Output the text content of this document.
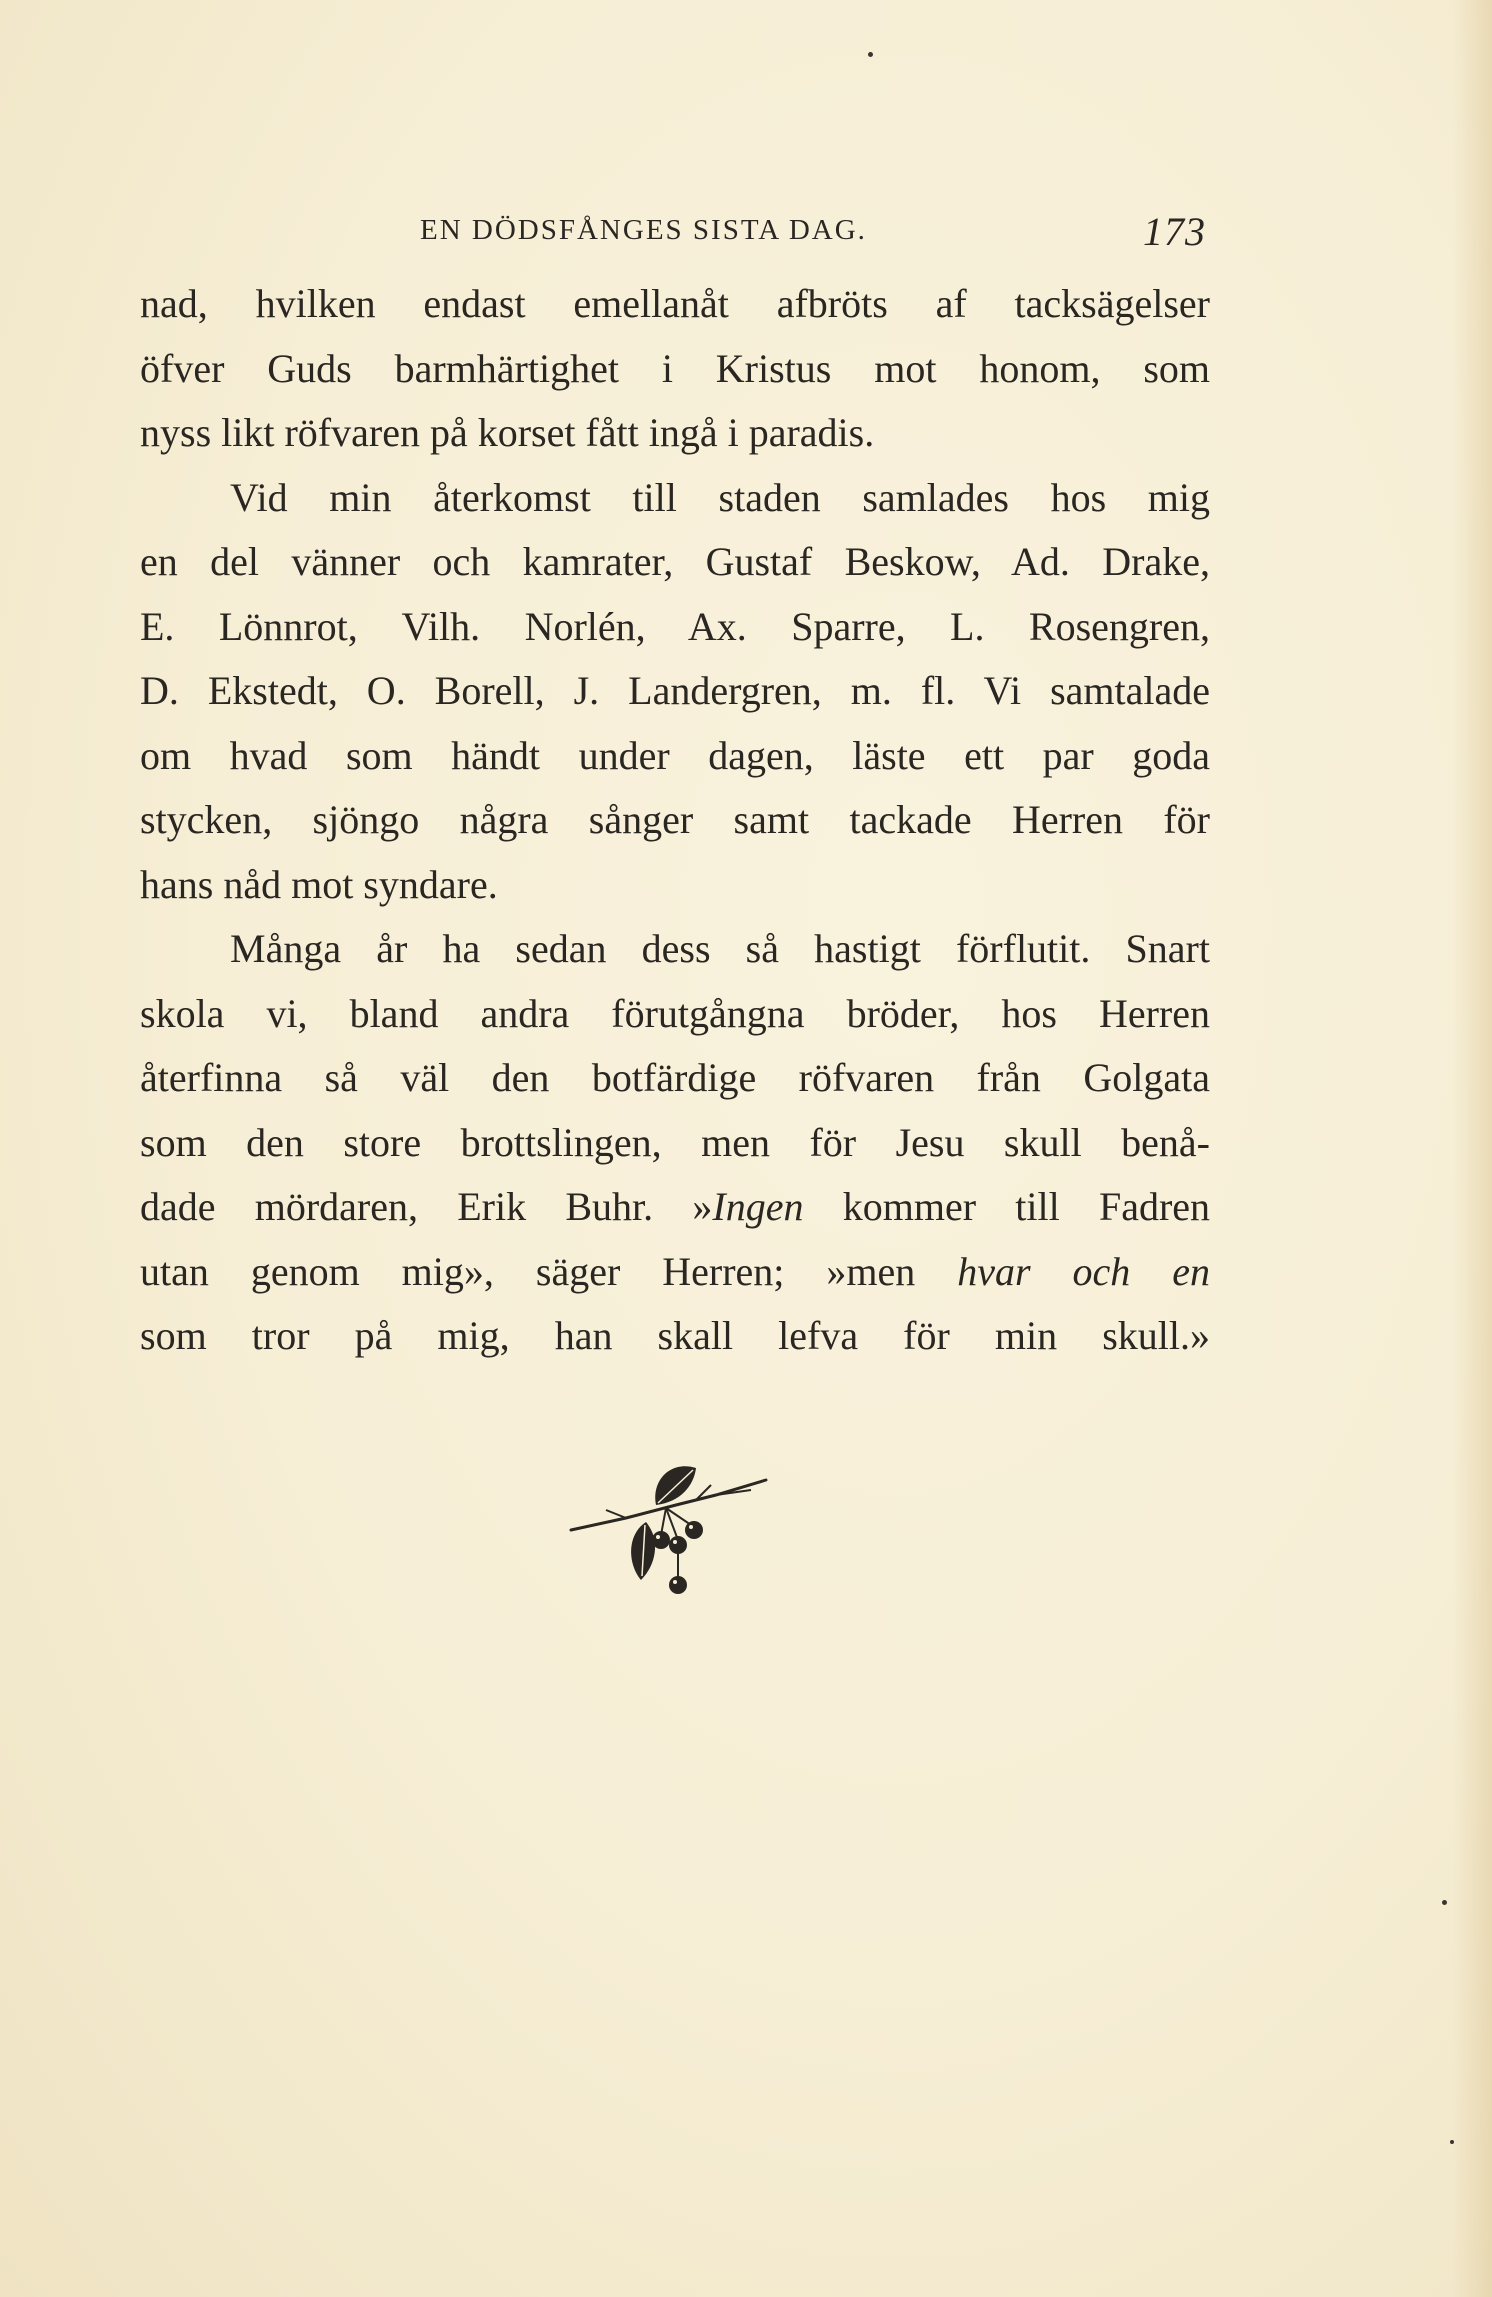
EN DÖDSFÅNGES SISTA DAG.	173
nad, hvilken endast emellanåt afbröts af tacksägelser
öfver Guds barmhärtighet i Kristus mot honom, som
nyss likt röfvaren på korset fått ingå i paradis.
Vid min återkomst till staden samlades hos mig
en del vänner och kamrater, Gustaf Beskow, Ad. Drake,
E. Lönnrot, Vilh. Norlén, Ax. Sparre, L. Rosengren,
D. Ekstedt, O. Borell, J. Landergren, m. fl. Vi samtalade
om hvad som händt under dagen, läste ett par goda
stycken, sjöngo några sånger samt tackade Herren för
hans nåd mot syndare.
Många år ha sedan dess så hastigt förflutit. Snart
skola vi, bland andra förutgångna bröder, hos Herren
återfinna så väl den botfärdige röfvaren från Golgata
som den store brottslingen, men för Jesu skull benå-
dade mördaren, Erik Buhr. »Ingen kommer till Fadren
utan genom mig», säger Herren; »men hvar och en
som tror på mig, han skall lefva för min skull.»
